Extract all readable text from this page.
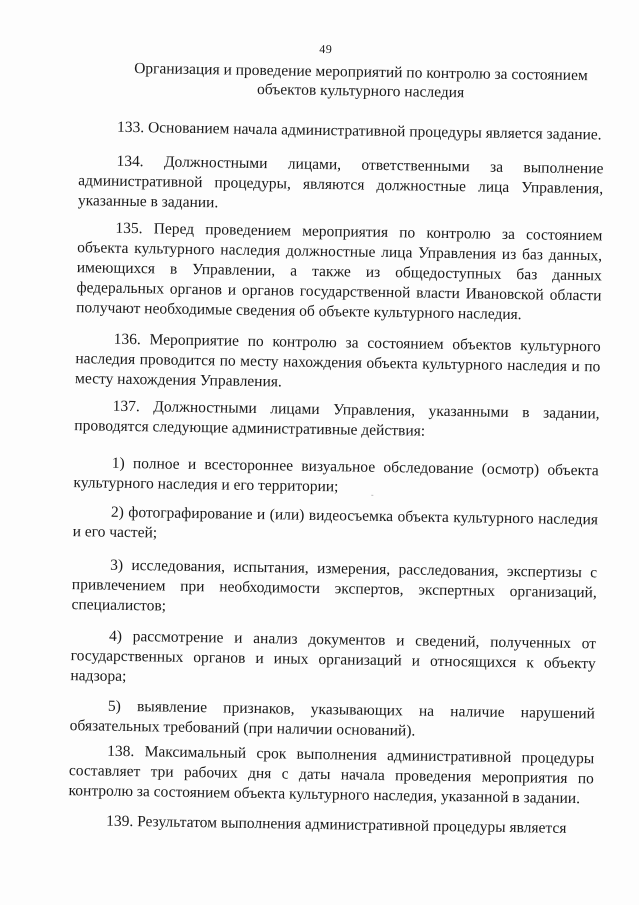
49
Организация и проведение мероприятий по контролю за состоянием объектов культурного наследия
133. Основанием начала административной процедуры является задание.
134. Должностными лицами, ответственными за выполнение административной процедуры, являются должностные лица Управления, указанные в задании.
135. Перед проведением мероприятия по контролю за состоянием объекта культурного наследия должностные лица Управления из баз данных, имеющихся в Управлении, а также из общедоступных баз данных федеральных органов и органов государственной власти Ивановской области получают необходимые сведения об объекте культурного наследия.
136. Мероприятие по контролю за состоянием объектов культурного наследия проводится по месту нахождения объекта культурного наследия и по месту нахождения Управления.
137. Должностными лицами Управления, указанными в задании, проводятся следующие административные действия:
1) полное и всестороннее визуальное обследование (осмотр) объекта культурного наследия и его территории;
2) фотографирование и (или) видеосъемка объекта культурного наследия и его частей;
3) исследования, испытания, измерения, расследования, экспертизы с привлечением при необходимости экспертов, экспертных организаций, специалистов;
4) рассмотрение и анализ документов и сведений, полученных от государственных органов и иных организаций и относящихся к объекту надзора;
5) выявление признаков, указывающих на наличие нарушений обязательных требований (при наличии оснований).
138. Максимальный срок выполнения административной процедуры составляет три рабочих дня с даты начала проведения мероприятия по контролю за состоянием объекта культурного наследия, указанной в задании.
139. Результатом выполнения административной процедуры является
